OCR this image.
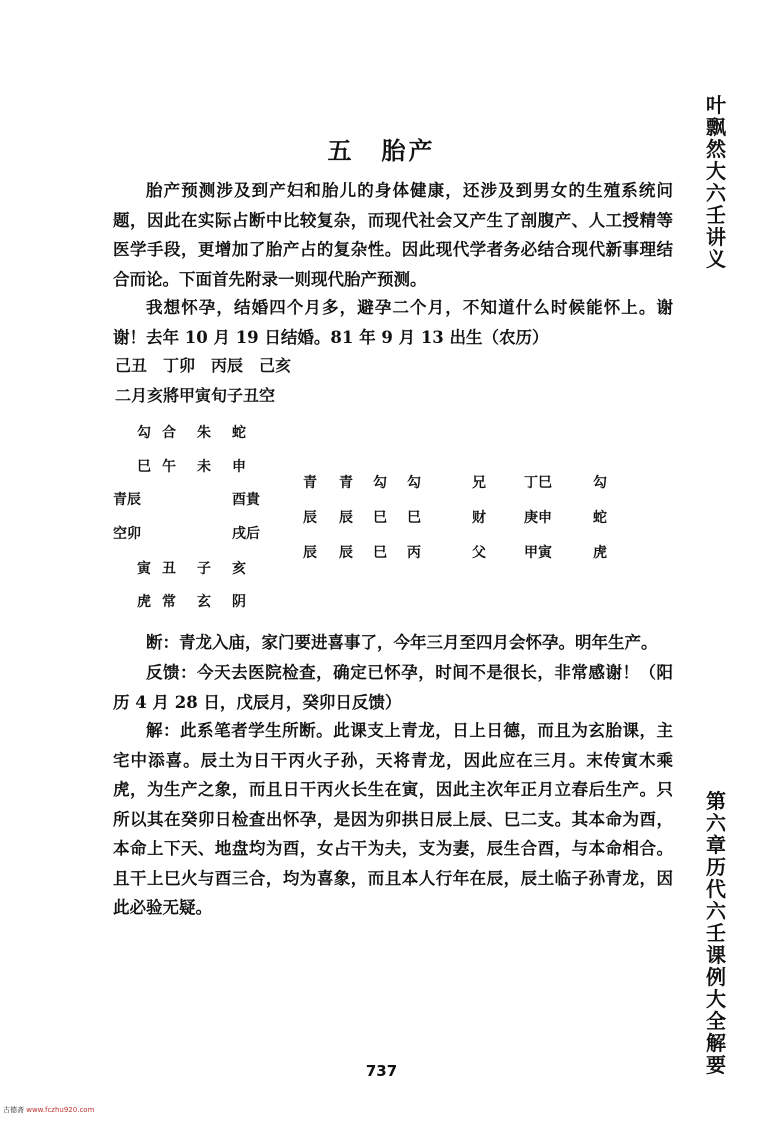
叶飘然大六壬讲义
第六章 历代六壬课例大全解要
五　胎产

胎产预测涉及到产妇和胎儿的身体健康，还涉及到男女的生殖系统问题，因此在实际占断中比较复杂，而现代社会又产生了剖腹产、人工授精等医学手段，更增加了胎产占的复杂性。因此现代学者务必结合现代新事理结合而论。下面首先附录一则现代胎产预测。

我想怀孕，结婚四个月多，避孕二个月，不知道什么时候能怀上。谢谢！去年 10 月 19 日结婚。81 年 9 月 13 出生（农历）

己丑　丁卯　丙辰　己亥
二月亥將甲寅旬子丑空
勾 合 朱 蛇
巳 午 未 申
青辰	酉貴
空卯	戌后
寅 丑 子 亥
虎 常 玄 阴
青 青 勾 勾
辰 辰 巳 巳
辰 辰 巳 丙
兄	丁巳	勾
财	庚申	蛇
父	甲寅	虎

断：青龙入庙，家门要进喜事了，今年三月至四月会怀孕。明年生产。

反馈：今天去医院检查，确定已怀孕，时间不是很长，非常感谢！（阳历 4 月 28 日，戊辰月，癸卯日反馈）

解：此系笔者学生所断。此课支上青龙，日上日德，而且为玄胎课，主宅中添喜。辰土为日干丙火子孙，天将青龙，因此应在三月。末传寅木乘虎，为生产之象，而且日干丙火长生在寅，因此主次年正月立春后生产。只所以其在癸卯日检查出怀孕，是因为卯拱日辰上辰、巳二支。其本命为酉，本命上下天、地盘均为酉，女占干为夫，支为妻，辰生合酉，与本命相合。且干上巳火与酉三合，均为喜象，而且本人行年在辰，辰土临子孙青龙，因此必验无疑。

737
古德斋 www.fczhu920.com
